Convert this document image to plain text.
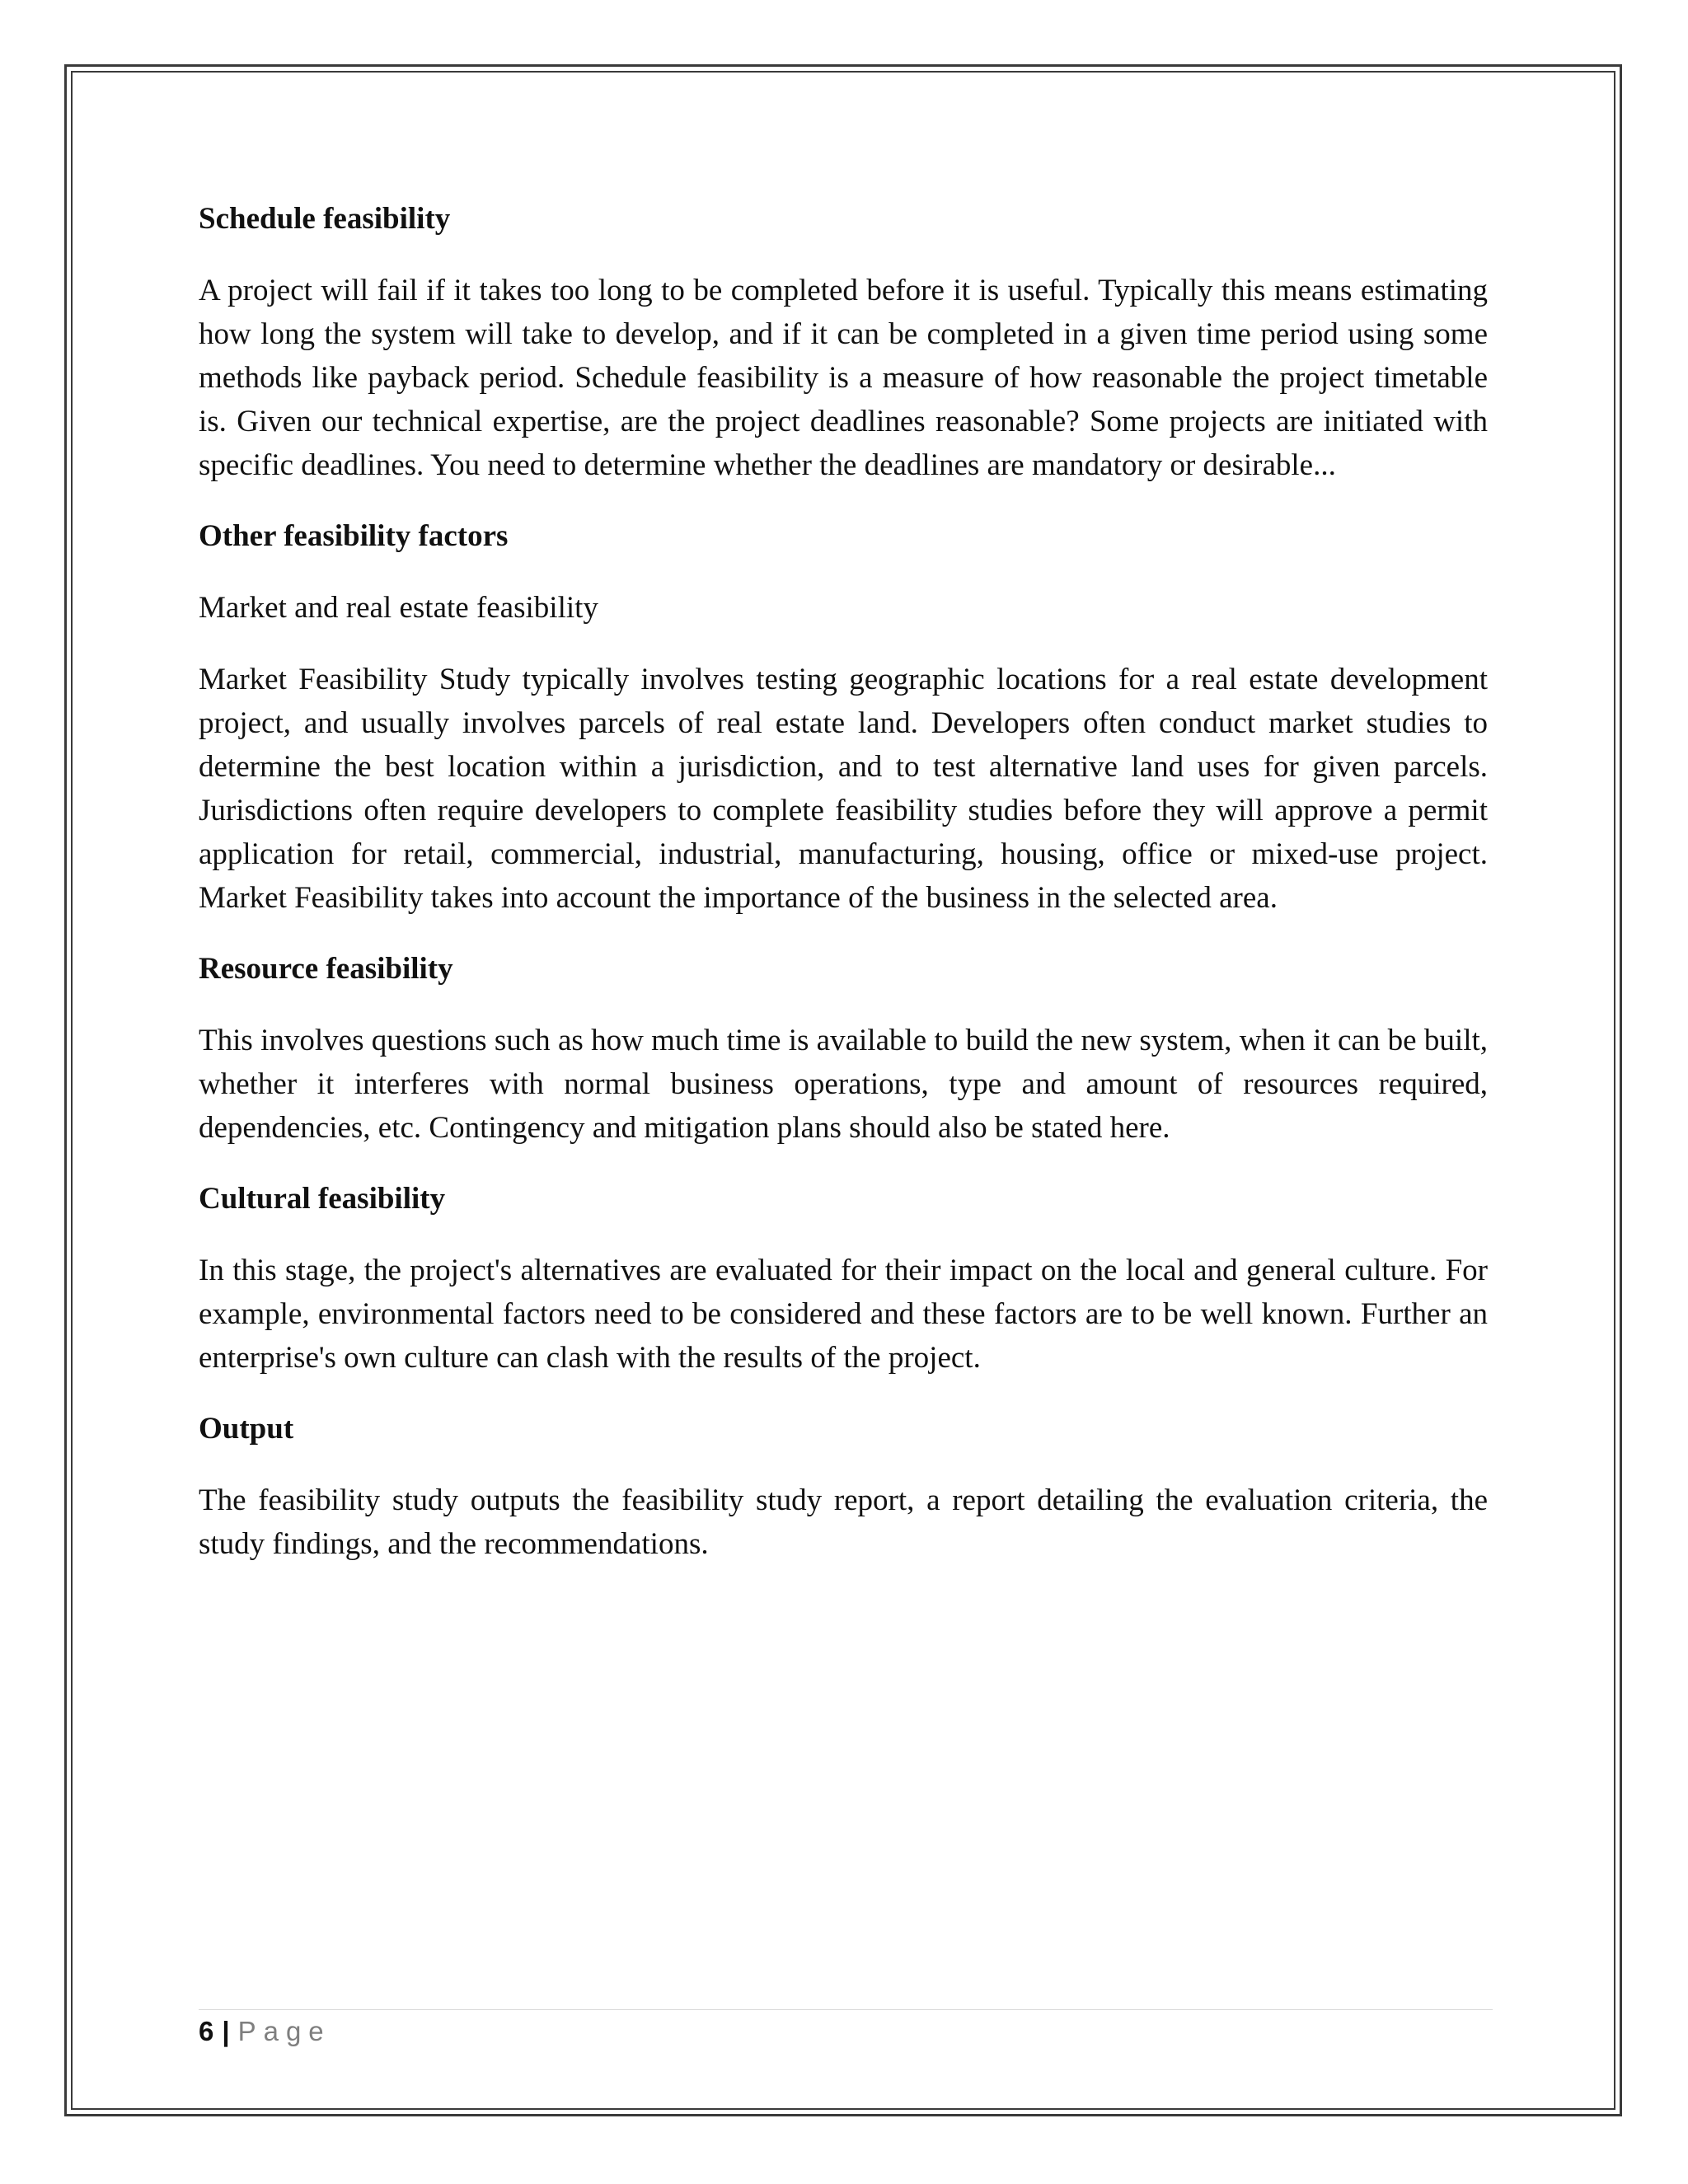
Schedule feasibility

A project will fail if it takes too long to be completed before it is useful. Typically this means estimating how long the system will take to develop, and if it can be completed in a given time period using some methods like payback period. Schedule feasibility is a measure of how reasonable the project timetable is. Given our technical expertise, are the project deadlines reasonable? Some projects are initiated with specific deadlines. You need to determine whether the deadlines are mandatory or desirable...

Other feasibility factors

Market and real estate feasibility

Market Feasibility Study typically involves testing geographic locations for a real estate development project, and usually involves parcels of real estate land. Developers often conduct market studies to determine the best location within a jurisdiction, and to test alternative land uses for given parcels. Jurisdictions often require developers to complete feasibility studies before they will approve a permit application for retail, commercial, industrial, manufacturing, housing, office or mixed-use project. Market Feasibility takes into account the importance of the business in the selected area.

Resource feasibility

This involves questions such as how much time is available to build the new system, when it can be built, whether it interferes with normal business operations, type and amount of resources required, dependencies, etc. Contingency and mitigation plans should also be stated here.

Cultural feasibility

In this stage, the project's alternatives are evaluated for their impact on the local and general culture. For example, environmental factors need to be considered and these factors are to be well known. Further an enterprise's own culture can clash with the results of the project.

Output

The feasibility study outputs the feasibility study report, a report detailing the evaluation criteria, the study findings, and the recommendations.

6 | Page
